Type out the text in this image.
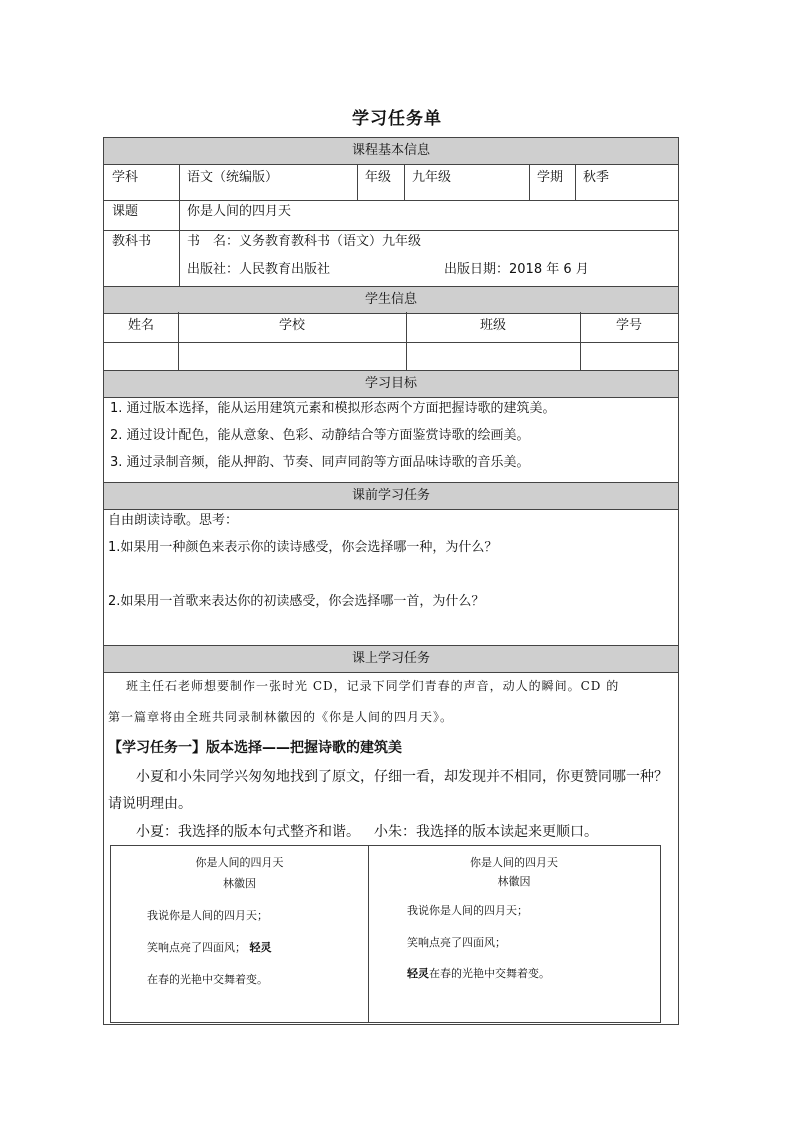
学习任务单
课程基本信息
学科	语文（统编版）	年级 九年级	学期 秋季
课题	你是人间的四月天
教科书	书　名：义务教育教科书（语文）九年级
出版社：人民教育出版社	出版日期：2018 年 6 月
学生信息
姓名	学校	班级	学号
学习目标
1. 通过版本选择，能从运用建筑元素和模拟形态两个方面把握诗歌的建筑美。
2. 通过设计配色，能从意象、色彩、动静结合等方面鉴赏诗歌的绘画美。
3. 通过录制音频，能从押韵、节奏、同声同韵等方面品味诗歌的音乐美。
课前学习任务
自由朗读诗歌。思考：
1.如果用一种颜色来表示你的读诗感受，你会选择哪一种，为什么？
2.如果用一首歌来表达你的初读感受，你会选择哪一首，为什么？
课上学习任务
班主任石老师想要制作一张时光 CD，记录下同学们青春的声音，动人的瞬间。CD 的
第一篇章将由全班共同录制林徽因的《你是人间的四月天》。
【学习任务一】版本选择——把握诗歌的建筑美
小夏和小朱同学兴匆匆地找到了原文，仔细一看，却发现并不相同，你更赞同哪一种？
请说明理由。
小夏：我选择的版本句式整齐和谐。 小朱：我选择的版本读起来更顺口。
你是人间的四月天
林徽因
我说你是人间的四月天；
笑响点亮了四面风； 轻灵
在春的光艳中交舞着变。
你是人间的四月天
林徽因
我说你是人间的四月天；
笑响点亮了四面风；
轻灵在春的光艳中交舞着变。
